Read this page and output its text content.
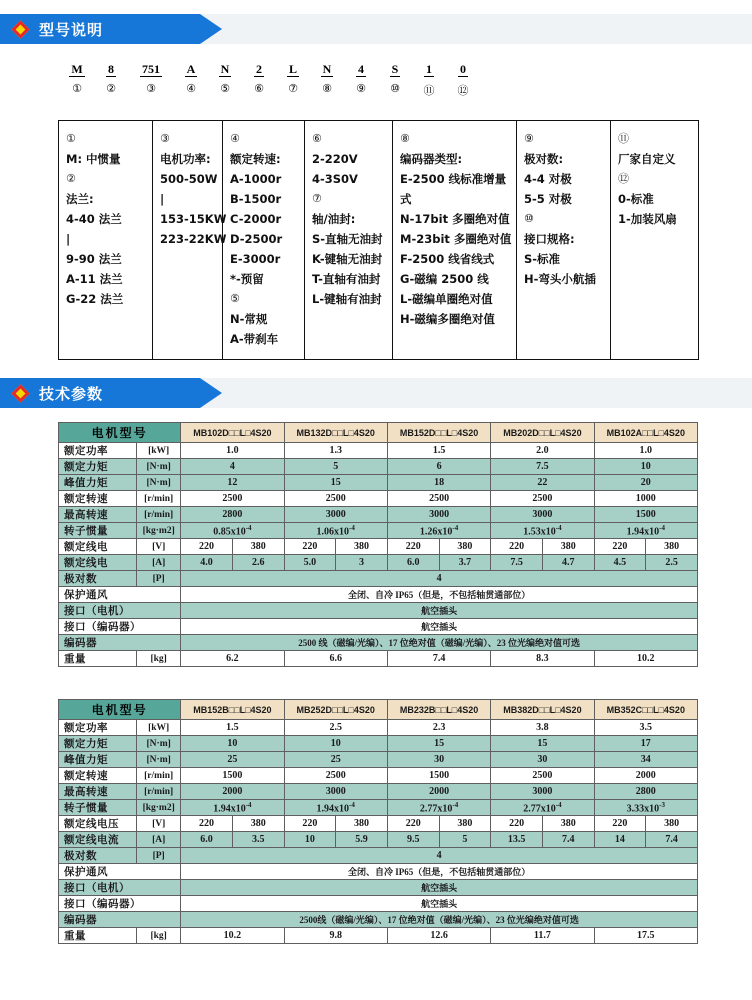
型号说明
M	8	751	A	N	2	L	N	4	S	1	0
①	②	③	④	⑤	⑥	⑦	⑧	⑨	⑩	⑪	⑫
①
M: 中惯量
②
法兰:
4-40 法兰
|
9-90 法兰
A-11 法兰
G-22 法兰

③
电机功率:
500-50W
|
153-15KW
223-22KW

④
额定转速:
A-1000r
B-1500r
C-2000r
D-2500r
E-3000r
*-预留
⑤
N-常规
A-带刹车

⑥
2-220V
4-3S0V
⑦
轴/油封:
S-直轴无油封
K-键轴无油封
T-直轴有油封
L-键轴有油封

⑧
编码器类型:
E-2500 线标准增量
式
N-17bit 多圈绝对值
M-23bit 多圈绝对值
F-2500 线省线式
G-磁编 2500 线
L-磁编单圈绝对值
H-磁编多圈绝对值

⑨
极对数:
4-4 对极
5-5 对极
⑩
接口规格:
S-标准
H-弯头小航插

⑪
厂家自定义
⑫
0-标准
1-加装风扇
技术参数
电机型号		MB102D□□L□4S20		MB132D□□L□4S20		MB152D□□L□4S20		MB202D□□L□4S20		MB102A□□L□4S20	
额定功率	[kW]	1.0		1.3		1.5		2.0		1.0	
额定力矩	[N·m]	4		5		6		7.5		10	
峰值力矩	[N·m]	12		15		18		22		20	
额定转速	[r/min]	2500		2500		2500		2500		1000	
最高转速	[r/min]	2800		3000		3000		3000		1500	
转子惯量	[kg·m2]	$0.85x10^{-4}$		$1.06x10^{-4}$		$1.26x10^{-4}$		$1.53x10^{-4}$		$1.94x10^{-4}$
额定线电	[V]	220	380	220	380	220	380	220	380	220	380
额定线电	[A]	4.0	2.6	5.0	3	6.0	3.7	7.5	4.7	4.5	2.5
极对数	[P]	4									
保护通风		全闭、自冷 IP65（但是，不包括轴贯通部位）									
接口（电机）		航空插头									
接口（编码器）		航空插头									
编码器		2500 线（磁编/光编）、17 位绝对值（磁编/光编）、23 位光编绝对值可选									
重量	[kg]	6.2		6.6		7.4		8.3		10.2	
电机型号		MB152B□□L□4S20		MB252D□□L□4S20		MB232B□□L□4S20		MB382D□□L□4S20		MB352C□□L□4S20	
额定功率	[kW]	1.5		2.5		2.3		3.8		3.5	
额定力矩	[N·m]	10		10		15		15		17	
峰值力矩	[N·m]	25		25		30		30		34	
额定转速	[r/min]	1500		2500		1500		2500		2000	
最高转速	[r/min]	2000		3000		2000		3000		2800	
转子惯量	[kg·m2]	$1.94x10^{-4}$		$1.94x10^{-4}$		$2.77x10^{-4}$		$2.77x10^{-4}$		$3.33x10^{-3}$
额定线电压	[V]	220	380	220	380	220	380	220	380	220	380
额定线电流	[A]	6.0	3.5	10	5.9	9.5	5	13.5	7.4	14	7.4
极对数	[P]	4									
保护通风		全闭、自冷 IP65（但是，不包括轴贯通部位）									
接口（电机）		航空插头									
接口（编码器）		航空插头									
编码器		2500线（磁编/光编）、17 位绝对值（磁编/光编）、23 位光编绝对值可选									
重量	[kg]	10.2		9.8		12.6		11.7		17.5	
